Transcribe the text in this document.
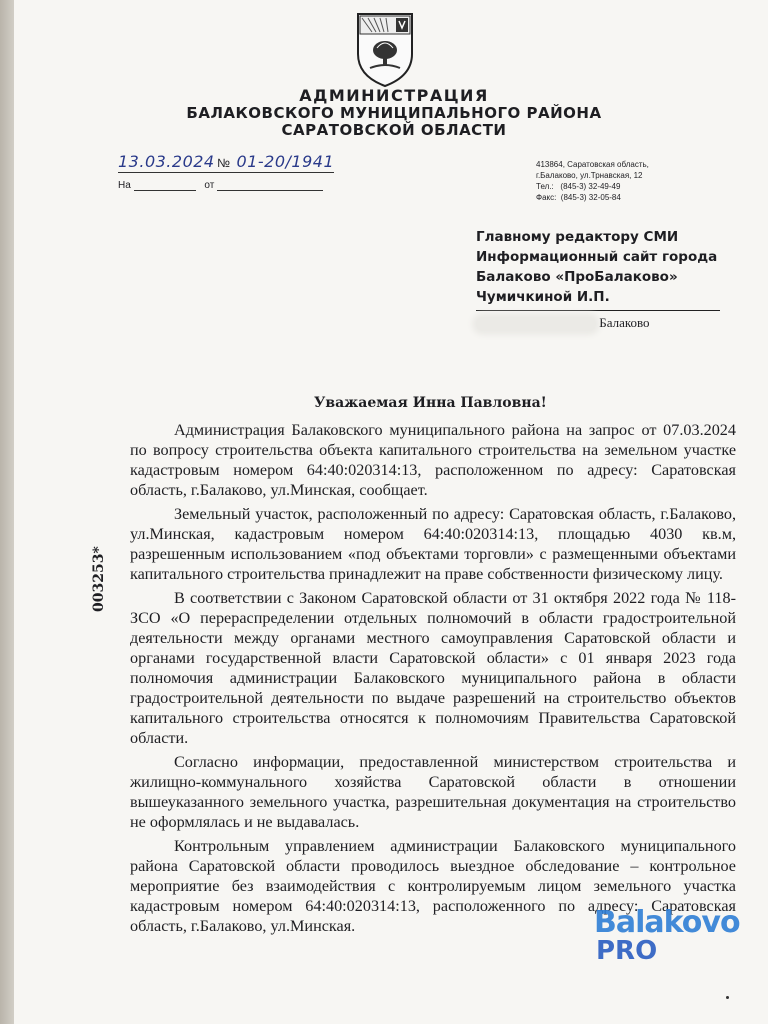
АДМИНИСТРАЦИЯ
БАЛАКОВСКОГО МУНИЦИПАЛЬНОГО РАЙОНА
САРАТОВСКОЙ ОБЛАСТИ
13.03.2024 № 01-20/1941
На	от
413864, Саратовская область,
г.Балаково, ул.Трнавская, 12
Тел.:   (845-3) 32-49-49
Факс:  (845-3) 32-05-84
Главному редактору СМИ
Информационный сайт города
Балаково «ПроБалаково»
Чумичкиной И.П.
Балаково
Уважаемая Инна Павловна!
003253*

Администрация Балаковского муниципального района на запрос от 07.03.2024 по вопросу строительства объекта капитального строительства на земельном участке кадастровым номером 64:40:020314:13, расположенном по адресу: Саратовская область, г.Балаково, ул.Минская, сообщает.

Земельный участок, расположенный по адресу: Саратовская область, г.Балаково, ул.Минская, кадастровым номером 64:40:020314:13, площадью 4030 кв.м, разрешенным использованием «под объектами торговли» с размещенными объектами капитального строительства принадлежит на праве собственности физическому лицу.

В соответствии с Законом Саратовской области от 31 октября 2022 года № 118-ЗСО «О перераспределении отдельных полномочий в области градостроительной деятельности между органами местного самоуправления Саратовской области и органами государственной власти Саратовской области» с 01 января 2023 года полномочия администрации Балаковского муниципального района в области градостроительной деятельности по выдаче разрешений на строительство объектов капитального строительства относятся к полномочиям Правительства Саратовской области.

Согласно информации, предоставленной министерством строительства и жилищно-коммунального хозяйства Саратовской области в отношении вышеуказанного земельного участка, разрешительная документация на строительство не оформлялась и не выдавалась.

Контрольным управлением администрации Балаковского муниципального района Саратовской области проводилось выездное обследование – контрольное мероприятие без взаимодействия с контролируемым лицом земельного участка кадастровым номером 64:40:020314:13, расположенного по адресу: Саратовская область, г.Балаково, ул.Минская.	Balakovo
PRO
